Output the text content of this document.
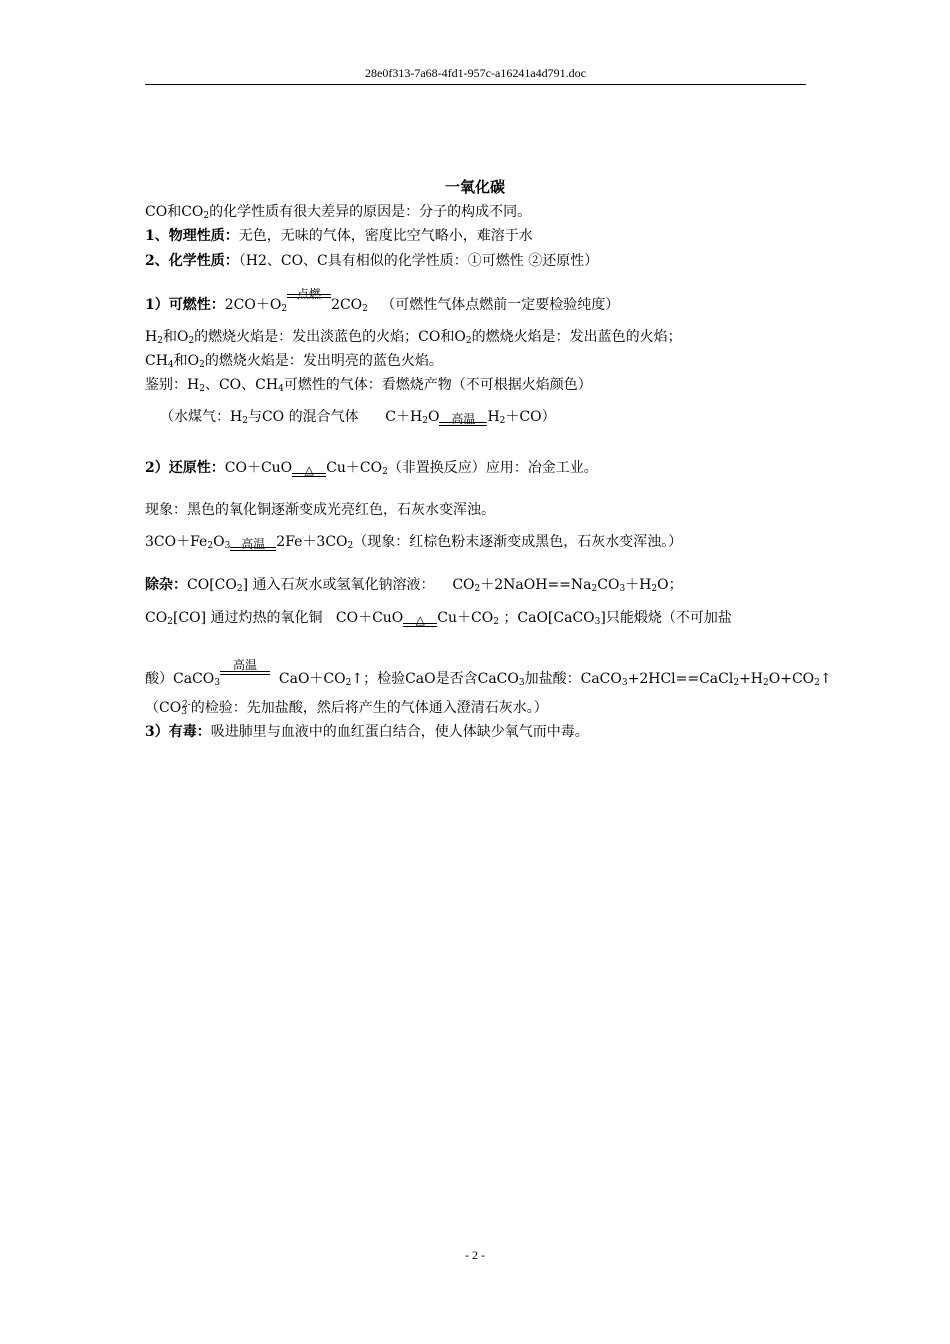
28e0f313-7a68-4fd1-957c-a16241a4d791.doc
一氧化碳
CO和$CO_2$的化学性质有很大差异的原因是：分子的构成不同。
1、物理性质：无色，无味的气体，密度比空气略小，难溶于水
2、化学性质：（H2、CO、C具有相似的化学性质：①可燃性 ②还原性）
1）可燃性：$2CO+O_2$
点燃
$2CO_2$ （可燃性气体点燃前一定要检验纯度）
$H_2$和$O_2$的燃烧火焰是：发出淡蓝色的火焰；CO和$O_2$的燃烧火焰是：发出蓝色的火焰；
$CH_4$和$O_2$的燃烧火焰是：发出明亮的蓝色火焰。
鉴别：$H_2$、CO、$CH_4$可燃性的气体：看燃烧产物（不可根据火焰颜色）
（水煤气：$H_2$与CO 的混合气体 $C+H_2O$ 高温 $H_2+CO$）
2）还原性：CO＋CuO	△ $Cu+CO_2$（非置换反应）应用：冶金工业。
现象：黑色的氧化铜逐渐变成光亮红色，石灰水变浑浊。
$3CO+Fe_2O_3$ 高温 $2Fe+3CO_2$（现象：红棕色粉末逐渐变成黑色，石灰水变浑浊。）
除杂：$CO[CO_2]$ 通入石灰水或氢氧化钠溶液： $CO_2+2NaOH==Na_2CO_3+H_2O$；
$CO_2[CO]$ 通过灼热的氧化铜 CO＋CuO	△ $Cu+CO_2$ ；CaO[CaCO$_3$]只能煅烧（不可加盐
酸）CaCO$_3$
高温
$CaO+CO_2↑$；检验CaO是否含CaCO$_3$加盐酸：$CaCO_3+2HCl==CaCl_2+H_2O+CO_2↑$
（$CO_3^{2-}$的检验：先加盐酸，然后将产生的气体通入澄清石灰水。）
3）有毒：吸进肺里与血液中的血红蛋白结合，使人体缺少氧气而中毒。
- 2 -
